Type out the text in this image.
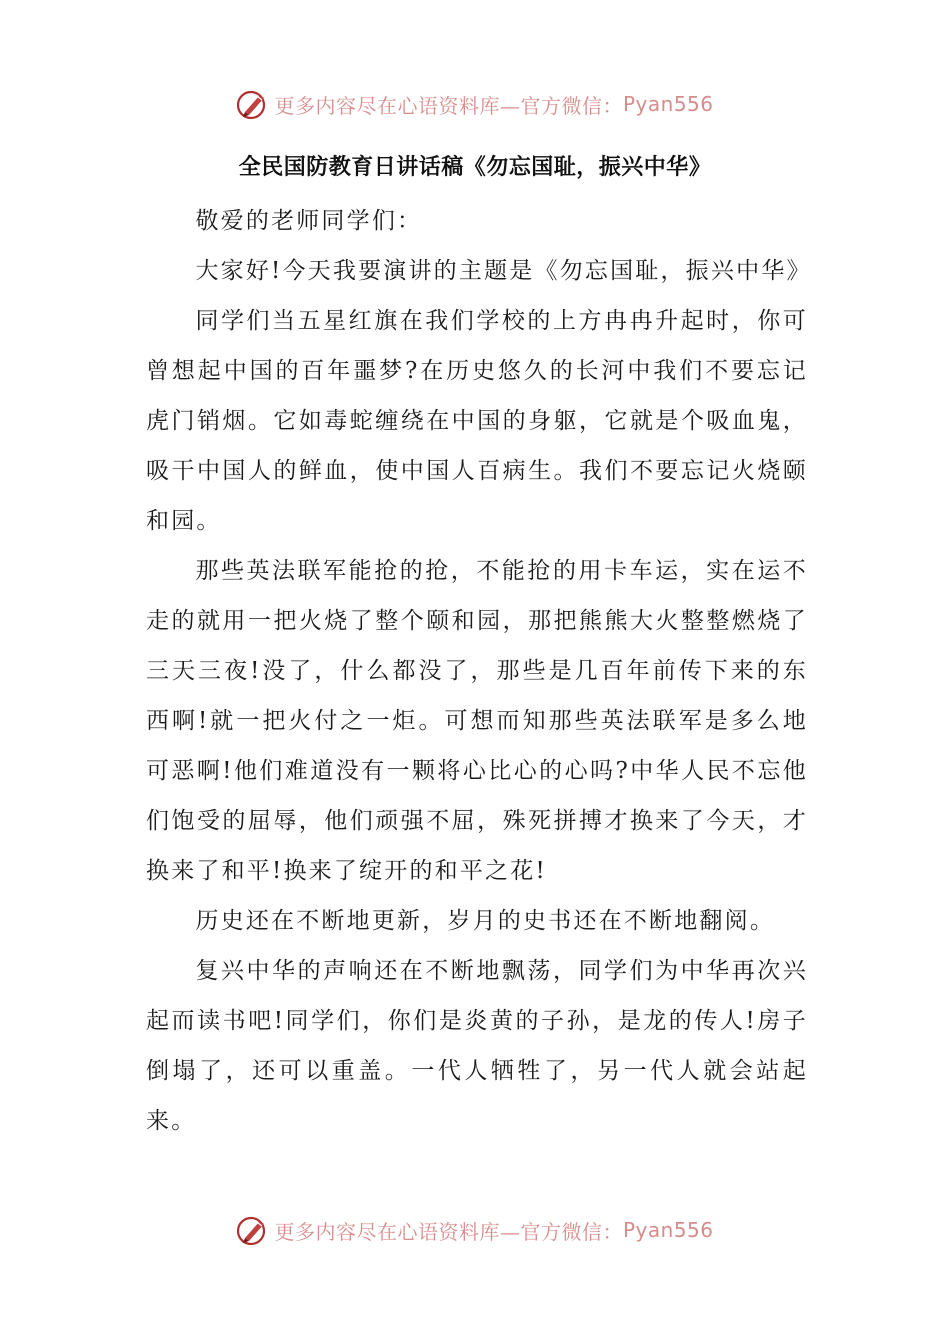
更多内容尽在心语资料库—官方微信： Pyan556
全民国防教育日讲话稿《勿忘国耻，振兴中华》

敬爱的老师同学们：

大家好!今天我要演讲的主题是《勿忘国耻，振兴中华》

同学们当五星红旗在我们学校的上方冉冉升起时，你可曾想起中国的百年噩梦?在历史悠久的长河中我们不要忘记虎门销烟。它如毒蛇缠绕在中国的身躯，它就是个吸血鬼，吸干中国人的鲜血，使中国人百病生。我们不要忘记火烧颐和园。

那些英法联军能抢的抢，不能抢的用卡车运，实在运不走的就用一把火烧了整个颐和园，那把熊熊大火整整燃烧了三天三夜!没了，什么都没了，那些是几百年前传下来的东西啊!就一把火付之一炬。可想而知那些英法联军是多么地可恶啊!他们难道没有一颗将心比心的心吗?中华人民不忘他们饱受的屈辱，他们顽强不屈，殊死拼搏才换来了今天，才换来了和平!换来了绽开的和平之花!

历史还在不断地更新，岁月的史书还在不断地翻阅。

复兴中华的声响还在不断地飘荡，同学们为中华再次兴起而读书吧!同学们，你们是炎黄的子孙，是龙的传人!房子倒塌了，还可以重盖。一代人牺牲了，另一代人就会站起来。

更多内容尽在心语资料库—官方微信： Pyan556
